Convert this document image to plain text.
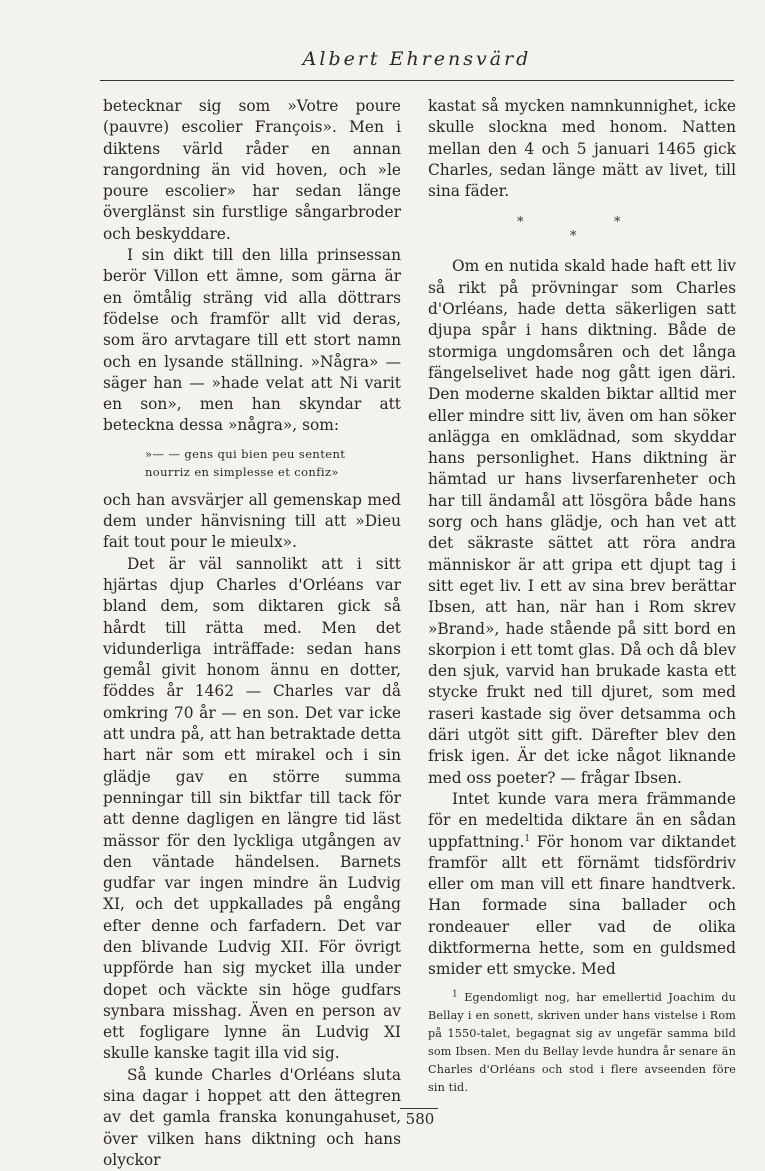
Albert Ehrensvärd

betecknar sig som »Votre poure (pauvre) escolier François». Men i diktens värld råder en annan rangordning än vid hoven, och »le poure escolier» har sedan länge överglänst sin furstlige sångarbroder och beskyddare.

I sin dikt till den lilla prinsessan berör Villon ett ämne, som gärna är en ömtålig sträng vid alla döttrars födelse och framför allt vid deras, som äro arvtagare till ett stort namn och en lysande ställning. »Några» — säger han — »hade velat att Ni varit en son», men han skyndar att beteckna dessa »några», som:

»— — gens qui bien peu sentent
nourriz en simplesse et confiz»

och han avsvärjer all gemenskap med dem under hänvisning till att »Dieu fait tout pour le mieulx».

Det är väl sannolikt att i sitt hjärtas djup Charles d'Orléans var bland dem, som diktaren gick så hårdt till rätta med. Men det vidunderliga inträffade: sedan hans gemål givit honom ännu en dotter, föddes år 1462 — Charles var då omkring 70 år — en son. Det var icke att undra på, att han betraktade detta hart när som ett mirakel och i sin glädje gav en större summa penningar till sin biktfar till tack för att denne dagligen en längre tid läst mässor för den lyckliga utgången av den väntade händelsen. Barnets gudfar var ingen mindre än Ludvig XI, och det uppkallades på engång efter denne och farfadern. Det var den blivande Ludvig XII. För övrigt uppförde han sig mycket illa under dopet och väckte sin höge gudfars synbara misshag. Även en person av ett fogligare lynne än Ludvig XI skulle kanske tagit illa vid sig.

Så kunde Charles d'Orléans sluta sina dagar i hoppet att den ättegren av det gamla franska konungahuset, över vilken hans diktning och hans olyckor

kastat så mycken namnkunnighet, icke skulle slockna med honom. Natten mellan den 4 och 5 januari 1465 gick Charles, sedan länge mätt av livet, till sina fäder.

*	*
*

Om en nutida skald hade haft ett liv så rikt på prövningar som Charles d'Orléans, hade detta säkerligen satt djupa spår i hans diktning. Både de stormiga ungdomsåren och det långa fängelselivet hade nog gått igen däri. Den moderne skalden biktar alltid mer eller mindre sitt liv, även om han söker anlägga en omklädnad, som skyddar hans personlighet. Hans diktning är hämtad ur hans livserfarenheter och har till ändamål att lösgöra både hans sorg och hans glädje, och han vet att det säkraste sättet att röra andra människor är att gripa ett djupt tag i sitt eget liv. I ett av sina brev berättar Ibsen, att han, när han i Rom skrev »Brand», hade stående på sitt bord en skorpion i ett tomt glas. Då och då blev den sjuk, varvid han brukade kasta ett stycke frukt ned till djuret, som med raseri kastade sig över detsamma och däri utgöt sitt gift. Därefter blev den frisk igen. Är det icke något liknande med oss poeter? — frågar Ibsen.

Intet kunde vara mera främmande för en medeltida diktare än en sådan uppfattning.$^1$ För honom var diktandet framför allt ett förnämt tidsfördriv eller om man vill ett finare handtverk. Han formade sina ballader och rondeauer eller vad de olika diktformerna hette, som en guldsmed smider ett smycke. Med

$^1$ Egendomligt nog, har emellertid Joachim du Bellay i en sonett, skriven under hans vistelse i Rom på 1550-talet, begagnat sig av ungefär samma bild som Ibsen. Men du Bellay levde hundra år senare än Charles d'Orléans och stod i flere avseenden före sin tid.
580
